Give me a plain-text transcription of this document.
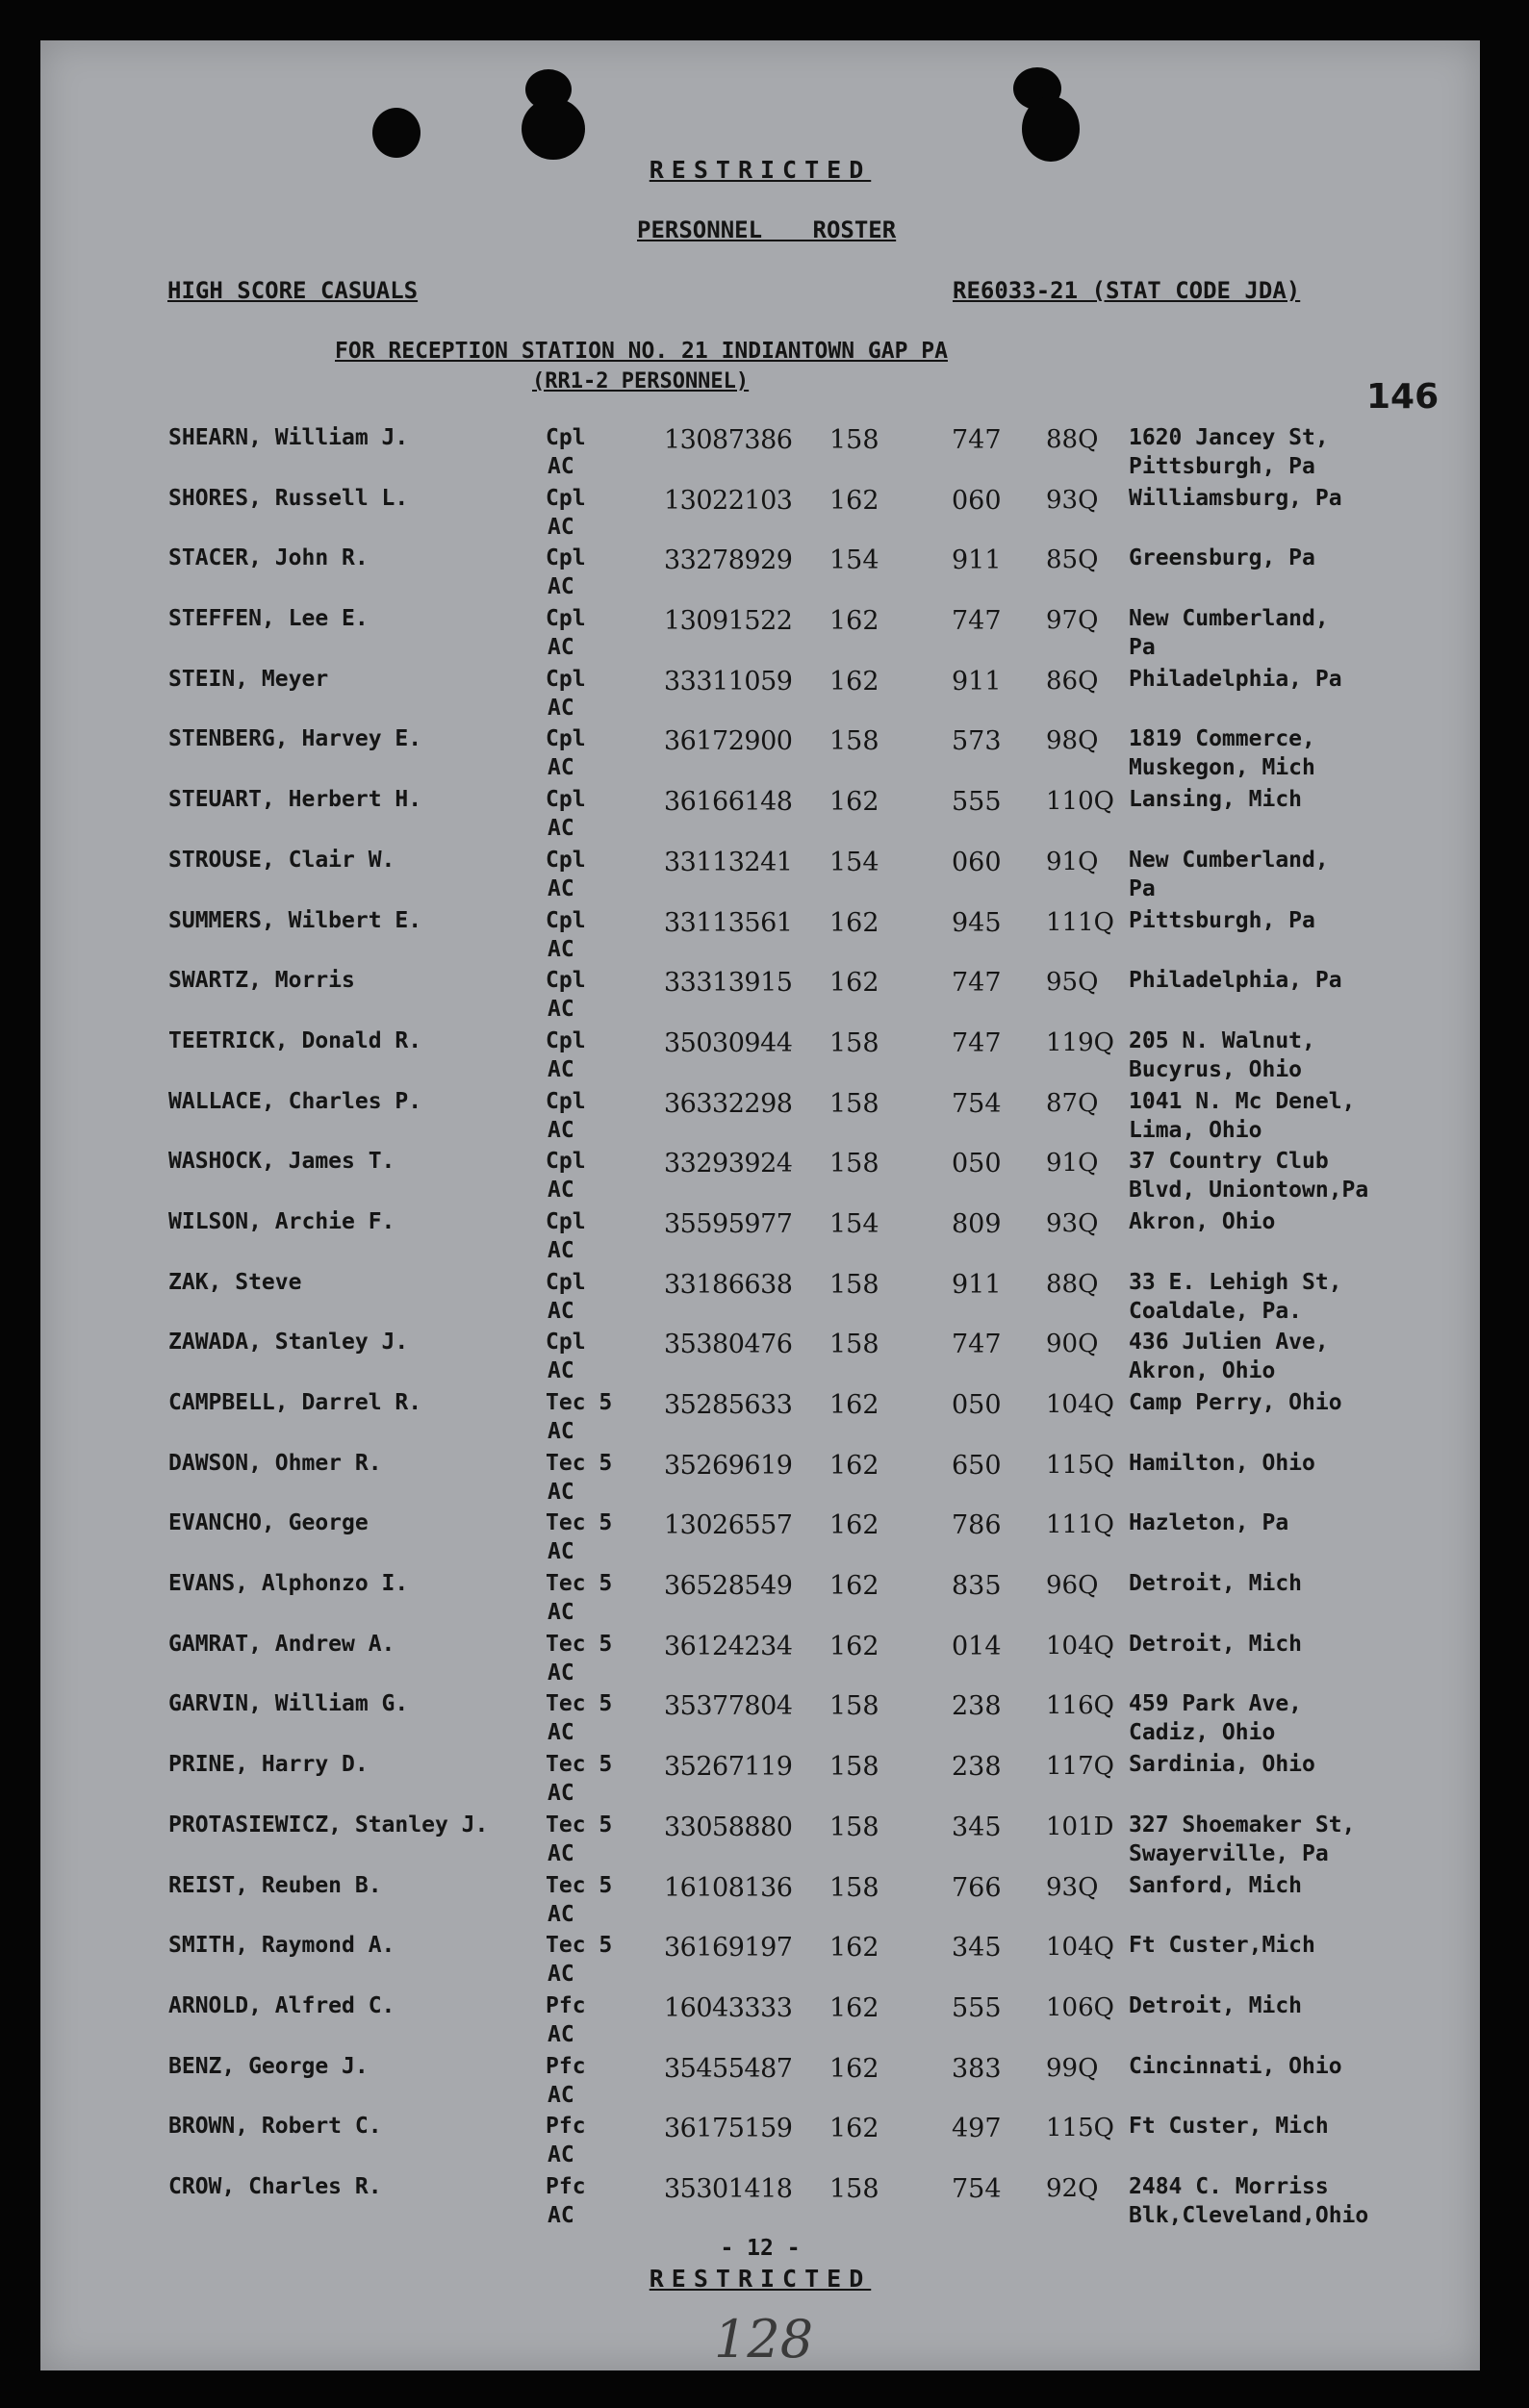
RESTRICTED
PERSONNEL ROSTER
HIGH SCORE CASUALS	RE6033-21 (STAT CODE JDA)
FOR RECEPTION STATION NO. 21 INDIANTOWN GAP PA
(RR1-2 PERSONNEL)	146
SHEARN, William J.	Cpl
AC
13087386 158	747 88Q 1620 Jancey St,
Pittsburgh, Pa
SHORES, Russell L.	Cpl
AC
13022103 162	060 93Q Williamsburg, Pa
STACER, John R.	Cpl
AC
33278929 154	911 85Q Greensburg, Pa
STEFFEN, Lee E.	Cpl
AC
13091522 162	747 97Q New Cumberland,
Pa
STEIN, Meyer	Cpl
AC
33311059 162	911 86Q Philadelphia, Pa
STENBERG, Harvey E.	Cpl
AC
36172900 158	573 98Q 1819 Commerce,
Muskegon, Mich
STEUART, Herbert H.	Cpl
AC
36166148 162	555 110Q Lansing, Mich
STROUSE, Clair W.	Cpl
AC
33113241 154	060 91Q New Cumberland,
Pa
SUMMERS, Wilbert E.	Cpl
AC
33113561 162	945 111Q Pittsburgh, Pa
SWARTZ, Morris	Cpl
AC
33313915 162	747 95Q Philadelphia, Pa
TEETRICK, Donald R.	Cpl
AC
35030944 158	747 119Q 205 N. Walnut,
Bucyrus, Ohio
WALLACE, Charles P.	Cpl
AC
36332298 158	754 87Q 1041 N. Mc Denel,
Lima, Ohio
WASHOCK, James T.	Cpl
AC
33293924 158	050 91Q 37 Country Club
Blvd, Uniontown,Pa
WILSON, Archie F.	Cpl
AC
35595977 154	809 93Q Akron, Ohio
ZAK, Steve	Cpl
AC
33186638 158	911 88Q 33 E. Lehigh St,
Coaldale, Pa.
ZAWADA, Stanley J.	Cpl
AC
35380476 158	747 90Q 436 Julien Ave,
Akron, Ohio
CAMPBELL, Darrel R.	Tec 5
AC
35285633 162	050 104Q Camp Perry, Ohio
DAWSON, Ohmer R.	Tec 5
AC
35269619 162	650 115Q Hamilton, Ohio
EVANCHO, George	Tec 5
AC
13026557 162	786 111Q Hazleton, Pa
EVANS, Alphonzo I.	Tec 5
AC
36528549 162	835 96Q Detroit, Mich
GAMRAT, Andrew A.	Tec 5
AC
36124234 162	014 104Q Detroit, Mich
GARVIN, William G.	Tec 5
AC
35377804 158	238 116Q 459 Park Ave,
Cadiz, Ohio
PRINE, Harry D.	Tec 5
AC
35267119 158	238 117Q Sardinia, Ohio
PROTASIEWICZ, Stanley J.	Tec 5
AC
33058880 158	345 101D 327 Shoemaker St,
Swayerville, Pa
REIST, Reuben B.	Tec 5
AC
16108136 158	766 93Q Sanford, Mich
SMITH, Raymond A.	Tec 5
AC
36169197 162	345 104Q Ft Custer,Mich
ARNOLD, Alfred C.	Pfc
AC
16043333 162	555 106Q Detroit, Mich
BENZ, George J.	Pfc
AC
35455487 162	383 99Q Cincinnati, Ohio
BROWN, Robert C.	Pfc
AC
36175159 162	497 115Q Ft Custer, Mich
CROW, Charles R.	Pfc
AC
35301418 158	754 92Q 2484 C. Morriss
Blk,Cleveland,Ohio
- 12 -
RESTRICTED
128
